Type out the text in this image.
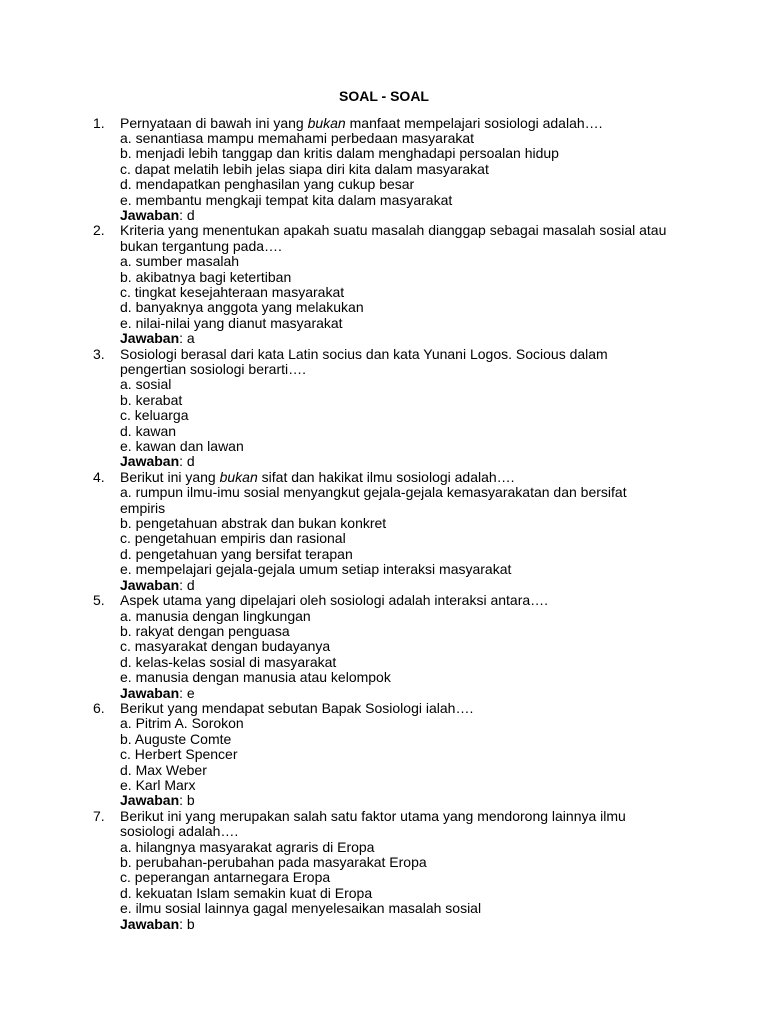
SOAL - SOAL
1. Pernyataan di bawah ini yang bukan manfaat mempelajari sosiologi adalah….
a. senantiasa mampu memahami perbedaan masyarakat
b. menjadi lebih tanggap dan kritis dalam menghadapi persoalan hidup
c. dapat melatih lebih jelas siapa diri kita dalam masyarakat
d. mendapatkan penghasilan yang cukup besar
e. membantu mengkaji tempat kita dalam masyarakat
Jawaban: d
2. Kriteria yang menentukan apakah suatu masalah dianggap sebagai masalah sosial atau
bukan tergantung pada….
a. sumber masalah
b. akibatnya bagi ketertiban
c. tingkat kesejahteraan masyarakat
d. banyaknya anggota yang melakukan
e. nilai-nilai yang dianut masyarakat
Jawaban: a
3. Sosiologi berasal dari kata Latin socius dan kata Yunani Logos. Socious dalam
pengertian sosiologi berarti….
a. sosial
b. kerabat
c. keluarga
d. kawan
e. kawan dan lawan
Jawaban: d
4. Berikut ini yang bukan sifat dan hakikat ilmu sosiologi adalah….
a. rumpun ilmu-imu sosial menyangkut gejala-gejala kemasyarakatan dan bersifat
empiris
b. pengetahuan abstrak dan bukan konkret
c. pengetahuan empiris dan rasional
d. pengetahuan yang bersifat terapan
e. mempelajari gejala-gejala umum setiap interaksi masyarakat
Jawaban: d
5. Aspek utama yang dipelajari oleh sosiologi adalah interaksi antara….
a. manusia dengan lingkungan
b. rakyat dengan penguasa
c. masyarakat dengan budayanya
d. kelas-kelas sosial di masyarakat
e. manusia dengan manusia atau kelompok
Jawaban: e
6. Berikut yang mendapat sebutan Bapak Sosiologi ialah….
a. Pitrim A. Sorokon
b. Auguste Comte
c. Herbert Spencer
d. Max Weber
e. Karl Marx
Jawaban: b
7. Berikut ini yang merupakan salah satu faktor utama yang mendorong lainnya ilmu
sosiologi adalah….
a. hilangnya masyarakat agraris di Eropa
b. perubahan-perubahan pada masyarakat Eropa
c. peperangan antarnegara Eropa
d. kekuatan Islam semakin kuat di Eropa
e. ilmu sosial lainnya gagal menyelesaikan masalah sosial
Jawaban: b
